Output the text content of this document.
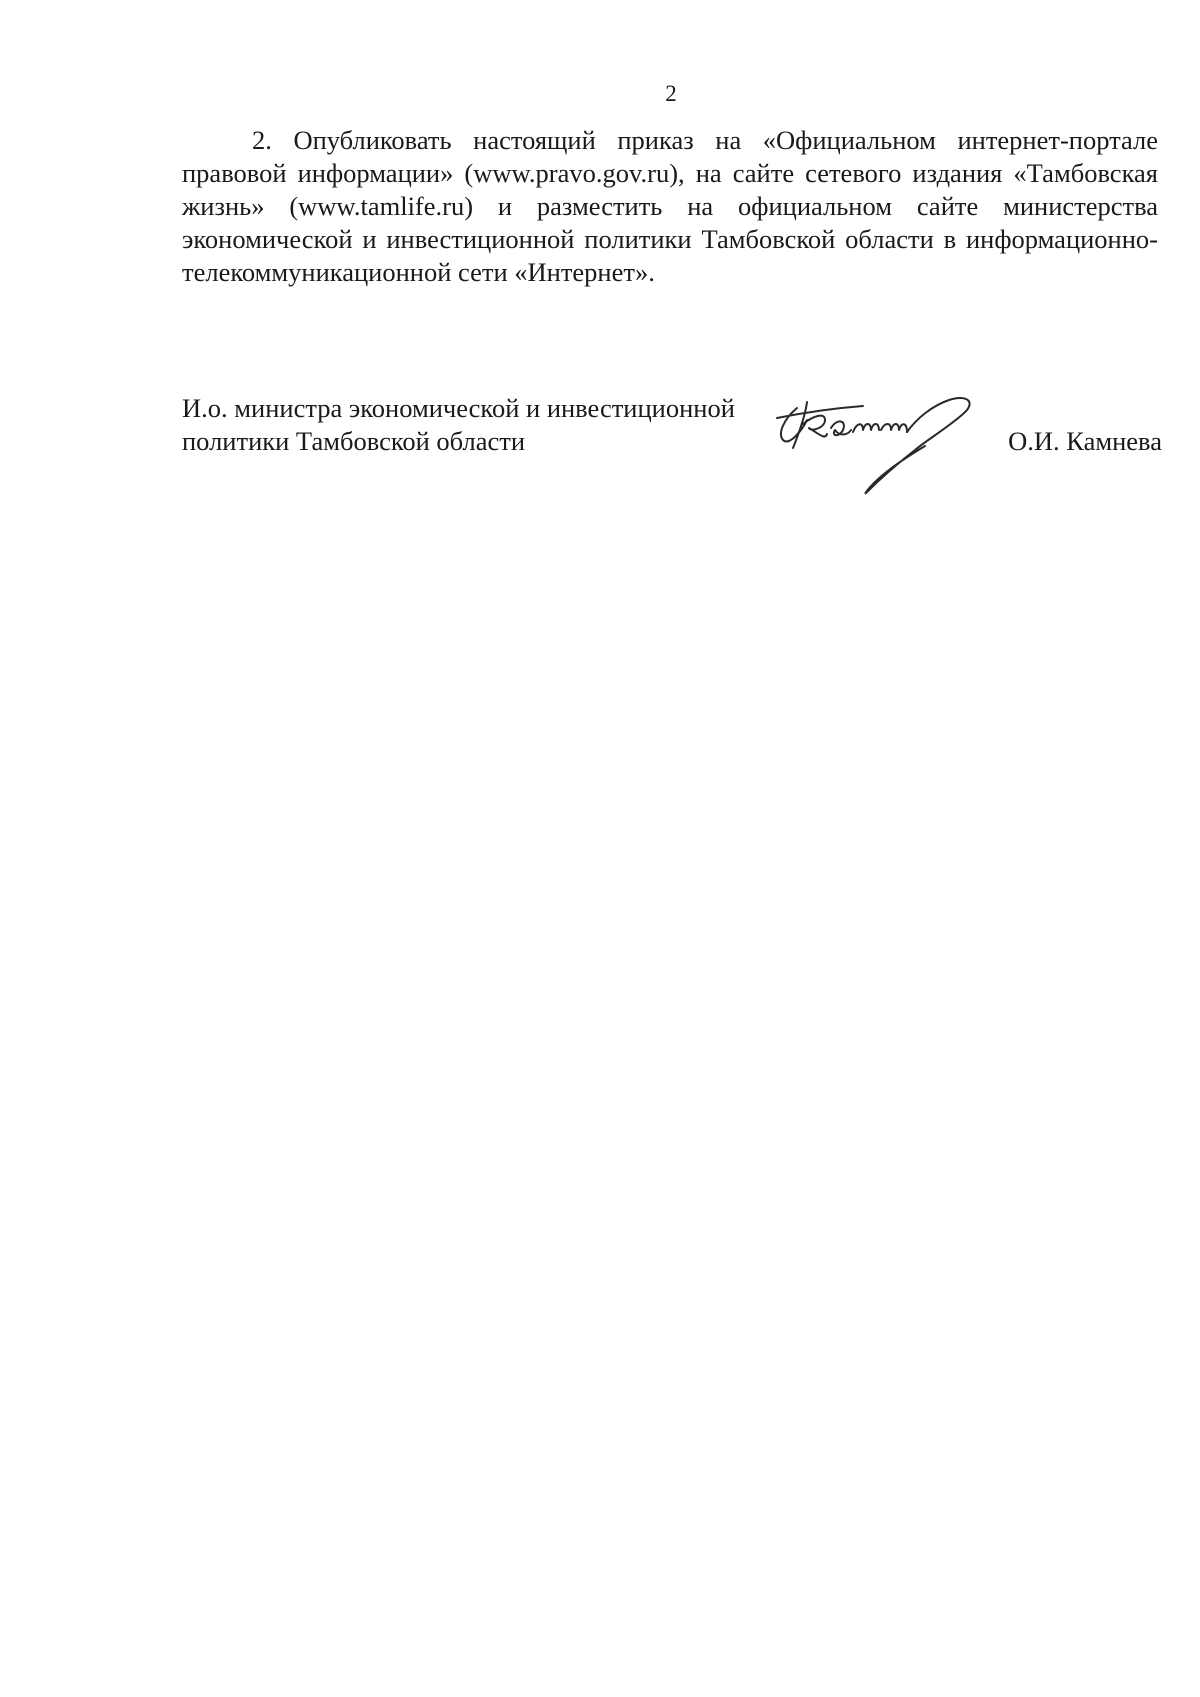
2

2. Опубликовать настоящий приказ на «Официальном интернет-портале правовой информации» (www.pravo.gov.ru), на сайте сетевого издания «Тамбовская жизнь» (www.tamlife.ru) и разместить на официальном сайте министерства экономической и инвестиционной политики Тамбовской области в информационно-телекоммуникационной сети «Интернет».

И.о. министра экономической и инвестиционной
политики Тамбовской области	О.И. Камнева
